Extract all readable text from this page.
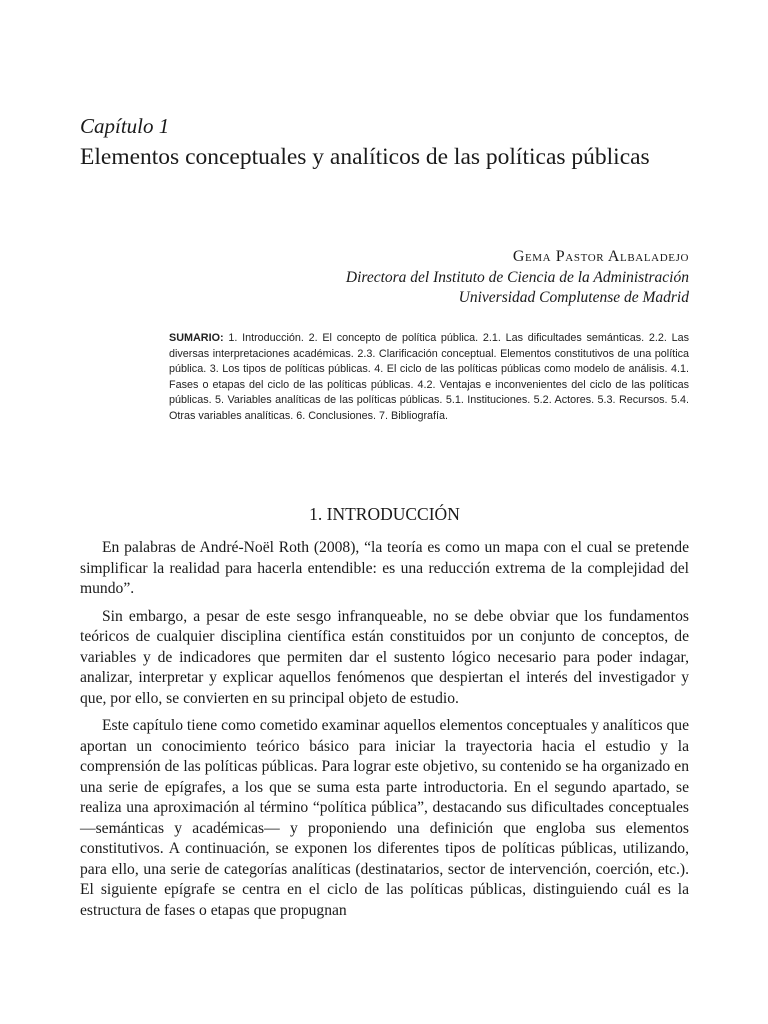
Capítulo 1
Elementos conceptuales y analíticos de las políticas públicas
Gema Pastor Albaladejo
Directora del Instituto de Ciencia de la Administración
Universidad Complutense de Madrid
SUMARIO: 1. Introducción. 2. El concepto de política pública. 2.1. Las dificultades semánticas. 2.2. Las diversas interpretaciones académicas. 2.3. Clarificación conceptual. Elementos constitutivos de una política pública. 3. Los tipos de políticas públicas. 4. El ciclo de las políticas públicas como modelo de análisis. 4.1. Fases o etapas del ciclo de las políticas públicas. 4.2. Ventajas e inconvenientes del ciclo de las políticas públicas. 5. Variables analíticas de las políticas públicas. 5.1. Instituciones. 5.2. Actores. 5.3. Recursos. 5.4. Otras variables analíticas. 6. Conclusiones. 7. Bibliografía.
1. INTRODUCCIÓN

En palabras de André-Noël Roth (2008), “la teoría es como un mapa con el cual se pretende simplificar la realidad para hacerla entendible: es una reducción extrema de la complejidad del mundo”.

Sin embargo, a pesar de este sesgo infranqueable, no se debe obviar que los fundamentos teóricos de cualquier disciplina científica están constituidos por un conjunto de conceptos, de variables y de indicadores que permiten dar el sustento lógico necesario para poder indagar, analizar, interpretar y explicar aquellos fenómenos que despiertan el interés del investigador y que, por ello, se convierten en su principal objeto de estudio.

Este capítulo tiene como cometido examinar aquellos elementos conceptuales y analíticos que aportan un conocimiento teórico básico para iniciar la trayectoria hacia el estudio y la comprensión de las políticas públicas. Para lograr este objetivo, su contenido se ha organizado en una serie de epígrafes, a los que se suma esta parte introductoria. En el segundo apartado, se realiza una aproximación al término “política pública”, destacando sus dificultades conceptuales —semánticas y académicas— y proponiendo una definición que engloba sus elementos constitutivos. A continuación, se exponen los diferentes tipos de políticas públicas, utilizando, para ello, una serie de categorías analíticas (destinatarios, sector de intervención, coerción, etc.). El siguiente epígrafe se centra en el ciclo de las políticas públicas, distinguiendo cuál es la estructura de fases o etapas que propugnan
